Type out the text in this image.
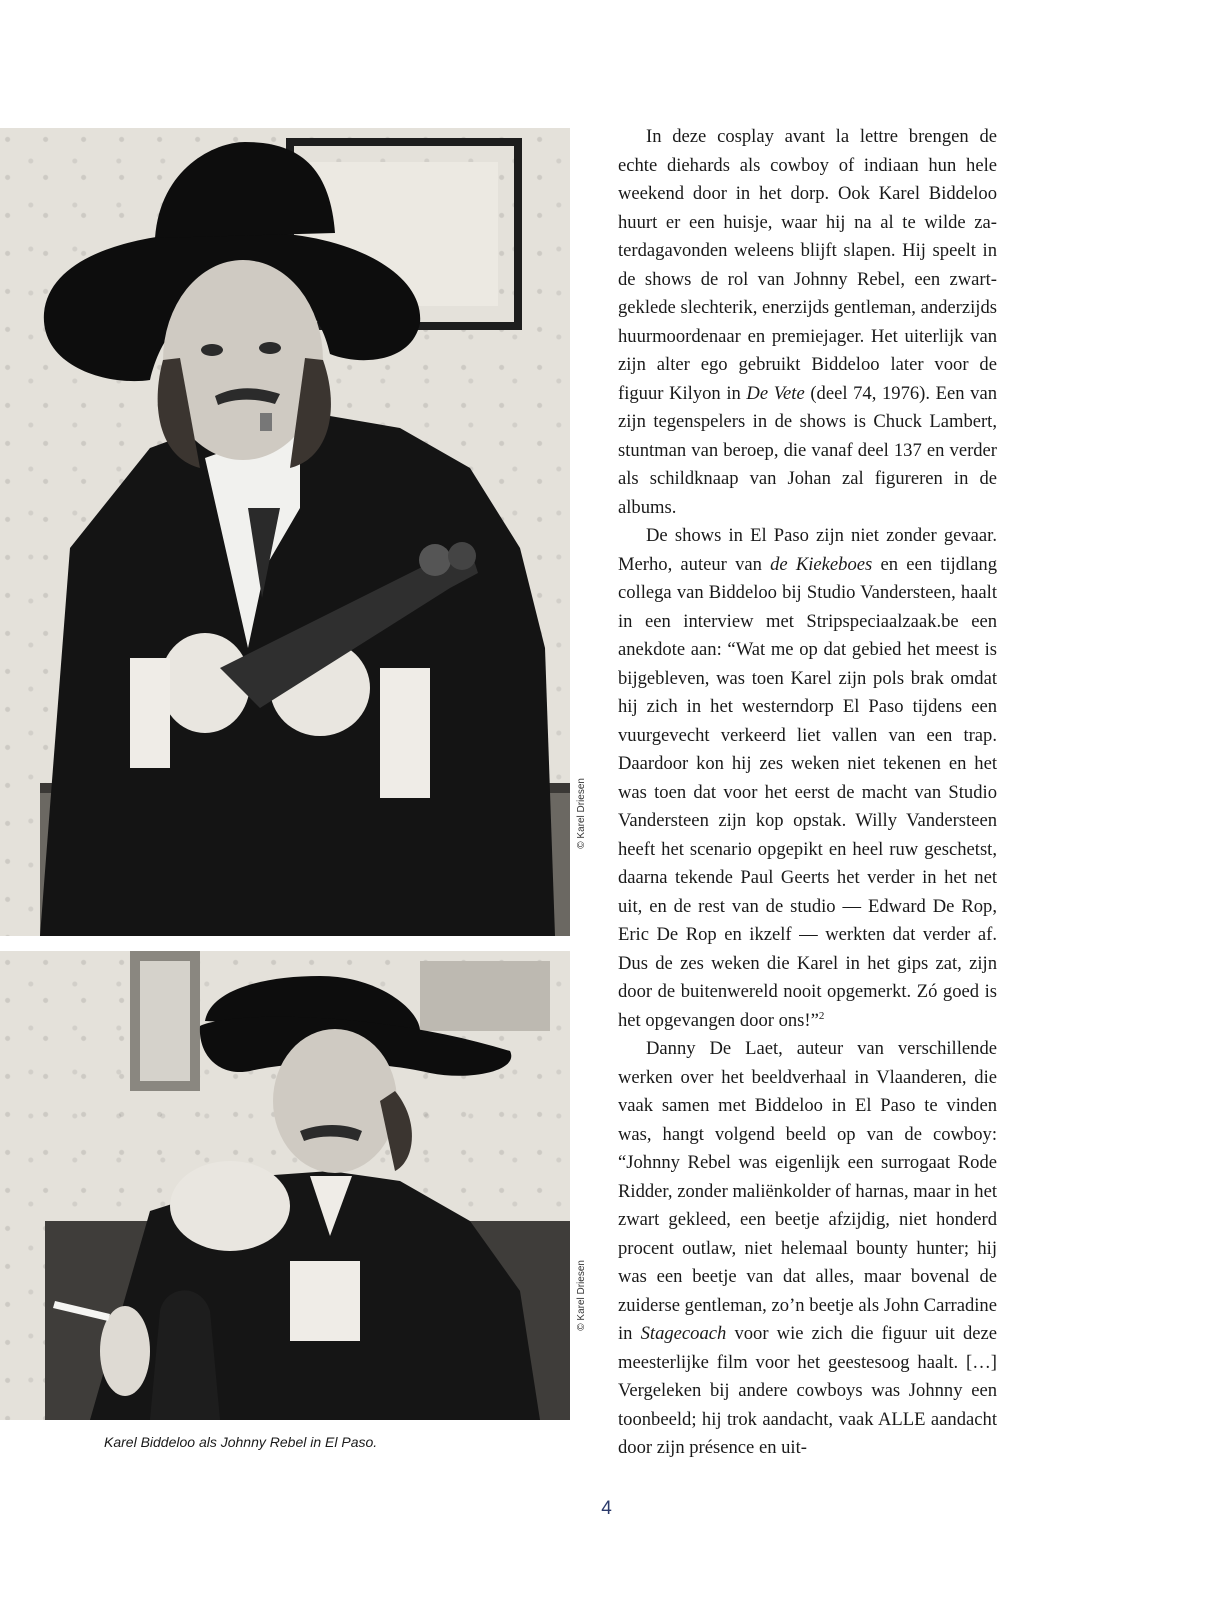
© Karel Driesen
© Karel Driesen
Karel Biddeloo als Johnny Rebel in El Paso.

In deze cosplay avant la lettre brengen de echte diehards als cowboy of indiaan hun hele weekend door in het dorp. Ook Karel Biddeloo huurt er een huisje, waar hij na al te wilde zaterdagavonden weleens blijft slapen. Hij speelt in de shows de rol van Johnny Rebel, een zwartgeklede slechterik, enerzijds gentleman, anderzijds huurmoordenaar en premiejager. Het uiterlijk van zijn alter ego gebruikt Biddeloo later voor de figuur Kilyon in De Vete (deel 74, 1976). Een van zijn tegenspelers in de shows is Chuck Lambert, stuntman van beroep, die vanaf deel 137 en verder als schildknaap van Johan zal figureren in de albums.

De shows in El Paso zijn niet zonder gevaar. Merho, auteur van de Kiekeboes en een tijdlang collega van Biddeloo bij Studio Vandersteen, haalt in een interview met Stripspeciaalzaak.be een anekdote aan: “Wat me op dat gebied het meest is bijgebleven, was toen Karel zijn pols brak omdat hij zich in het westerndorp El Paso tijdens een vuurgevecht verkeerd liet vallen van een trap. Daardoor kon hij zes weken niet tekenen en het was toen dat voor het eerst de macht van Studio Vandersteen zijn kop opstak. Willy Vandersteen heeft het scenario opgepikt en heel ruw geschetst, daarna tekende Paul Geerts het verder in het net uit, en de rest van de studio — Edward De Rop, Eric De Rop en ikzelf — werkten dat verder af. Dus de zes weken die Karel in het gips zat, zijn door de buitenwereld nooit opgemerkt. Zó goed is het opgevangen door ons!”$^2$

Danny De Laet, auteur van verschillende werken over het beeldverhaal in Vlaanderen, die vaak samen met Biddeloo in El Paso te vinden was, hangt volgend beeld op van de cowboy: “Johnny Rebel was eigenlijk een surrogaat Rode Ridder, zonder maliënkolder of harnas, maar in het zwart gekleed, een beetje afzijdig, niet honderd procent outlaw, niet helemaal bounty hunter; hij was een beetje van dat alles, maar bovenal de zuiderse gentleman, zo’n beetje als John Carradine in Stagecoach voor wie zich die figuur uit deze meesterlijke film voor het geestesoog haalt. […] Vergeleken bij andere cowboys was Johnny een toonbeeld; hij trok aandacht, vaak ALLE aandacht door zijn présence en uit-

4
